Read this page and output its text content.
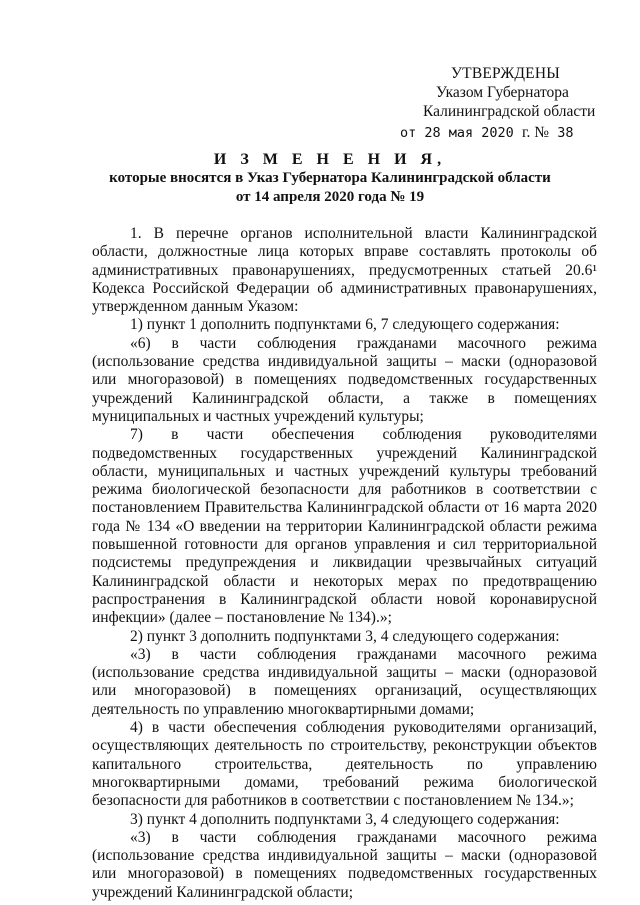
УТВЕРЖДЕНЫ
Указом Губернатора
Калининградской области
от 28 мая 2020 г. № 38
И З М Е Н Е Н И Я,
которые вносятся в Указ Губернатора Калининградской области
от 14 апреля 2020 года № 19

1. В перечне органов исполнительной власти Калининградской области, должностные лица которых вправе составлять протоколы об административных правонарушениях, предусмотренных статьей 20.6¹ Кодекса Российской Федерации об административных правонарушениях, утвержденном данным Указом:

1) пункт 1 дополнить подпунктами 6, 7 следующего содержания:

«6) в части соблюдения гражданами масочного режима (использование средства индивидуальной защиты – маски (одноразовой или многоразовой) в помещениях подведомственных государственных учреждений Калининградской области, а также в помещениях муниципальных и частных учреждений культуры;

7) в части обеспечения соблюдения руководителями подведомственных государственных учреждений Калининградской области, муниципальных и частных учреждений культуры требований режима биологической безопасности для работников в соответствии с постановлением Правительства Калининградской области от 16 марта 2020 года № 134 «О введении на территории Калининградской области режима повышенной готовности для органов управления и сил территориальной подсистемы предупреждения и ликвидации чрезвычайных ситуаций Калининградской области и некоторых мерах по предотвращению распространения в Калининградской области новой коронавирусной инфекции» (далее – постановление № 134).»;

2) пункт 3 дополнить подпунктами 3, 4 следующего содержания:

«3) в части соблюдения гражданами масочного режима (использование средства индивидуальной защиты – маски (одноразовой или многоразовой) в помещениях организаций, осуществляющих деятельность по управлению многоквартирными домами;

4) в части обеспечения соблюдения руководителями организаций, осуществляющих деятельность по строительству, реконструкции объектов капитального строительства, деятельность по управлению многоквартирными домами, требований режима биологической безопасности для работников в соответствии с постановлением № 134.»;

3) пункт 4 дополнить подпунктами 3, 4 следующего содержания:

«3) в части соблюдения гражданами масочного режима (использование средства индивидуальной защиты – маски (одноразовой или многоразовой) в помещениях подведомственных государственных учреждений Калининградской области;
